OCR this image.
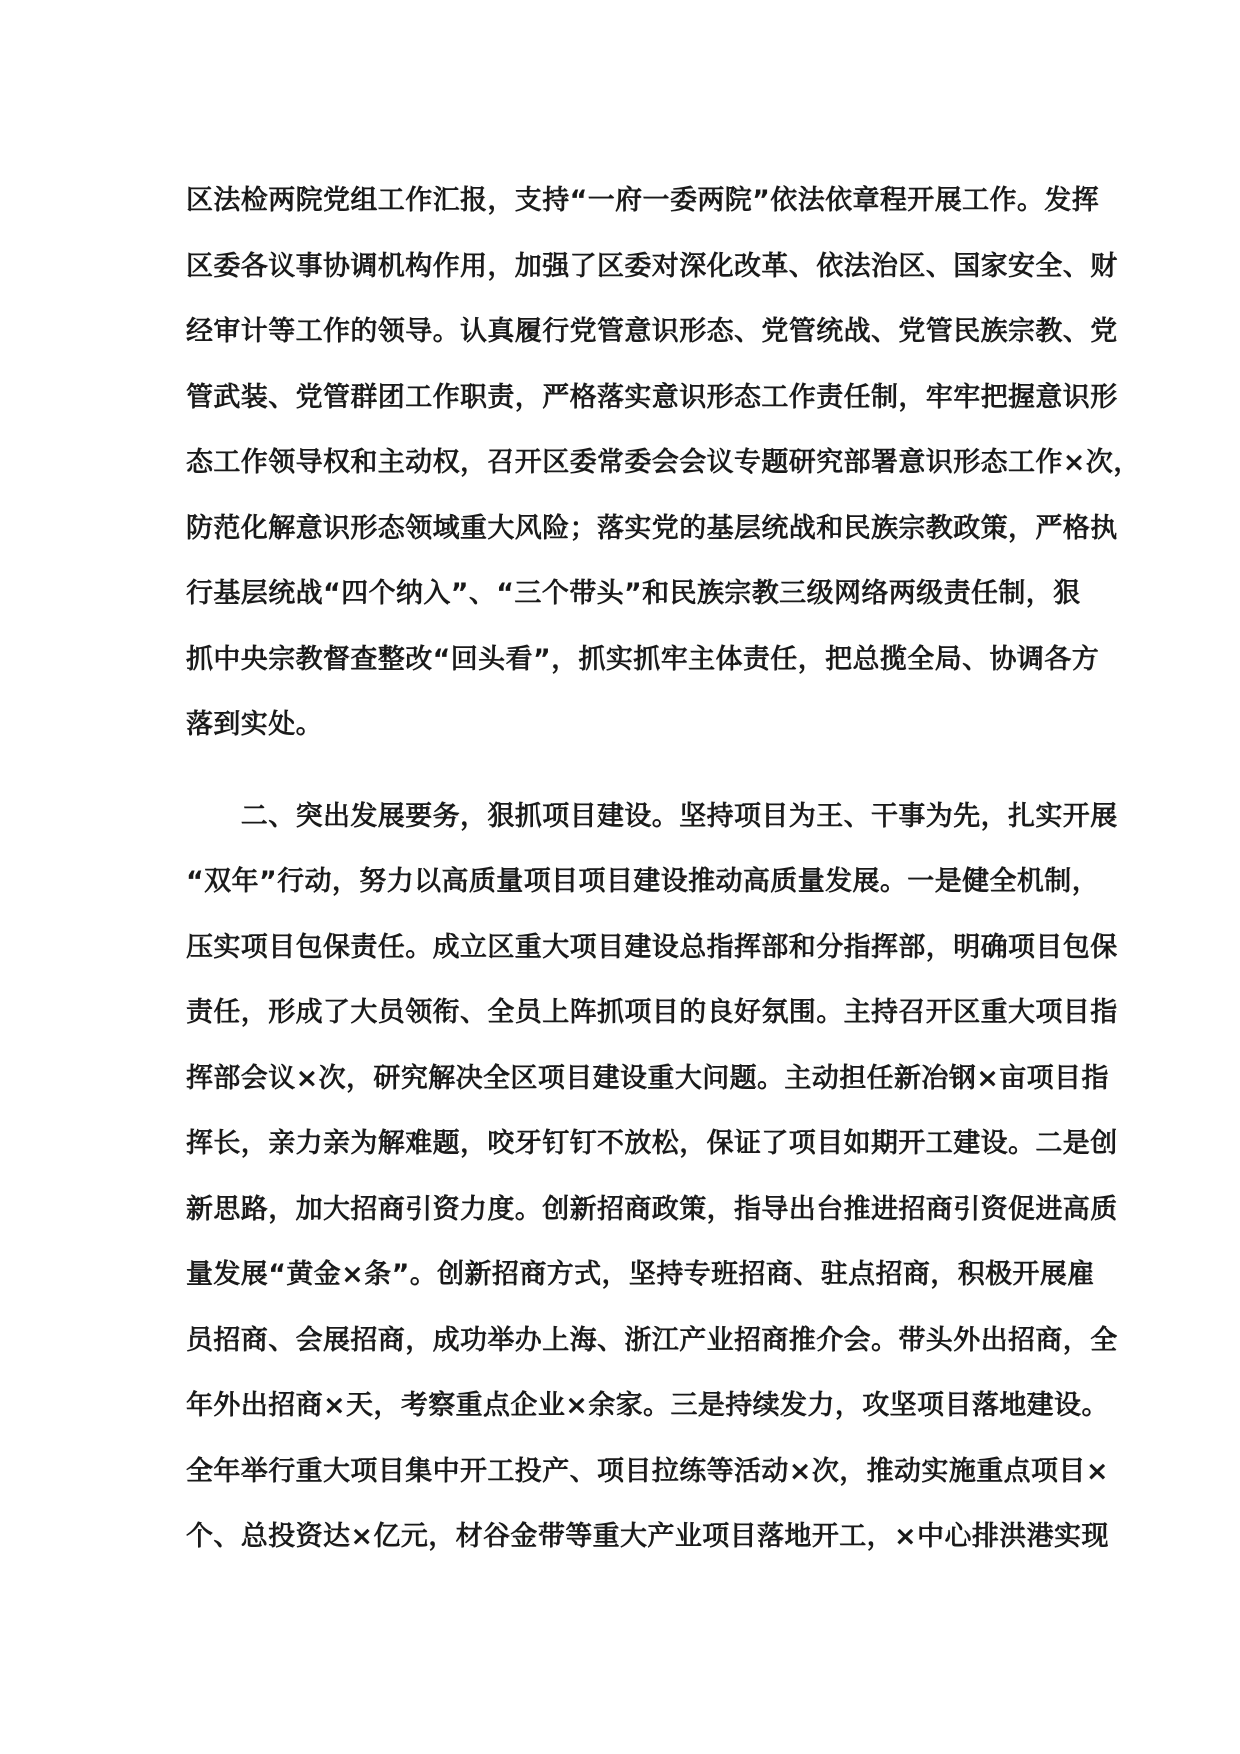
区法检两院党组工作汇报，支持“一府一委两院”依法依章程开展工作。发挥
区委各议事协调机构作用，加强了区委对深化改革、依法治区、国家安全、财
经审计等工作的领导。认真履行党管意识形态、党管统战、党管民族宗教、党
管武装、党管群团工作职责，严格落实意识形态工作责任制，牢牢把握意识形
态工作领导权和主动权，召开区委常委会会议专题研究部署意识形态工作×次，
防范化解意识形态领域重大风险；落实党的基层统战和民族宗教政策，严格执
行基层统战“四个纳入”、“三个带头”和民族宗教三级网络两级责任制，狠
抓中央宗教督查整改“回头看”，抓实抓牢主体责任，把总揽全局、协调各方
落到实处。
　　二、突出发展要务，狠抓项目建设。坚持项目为王、干事为先，扎实开展
“双年”行动，努力以高质量项目项目建设推动高质量发展。一是健全机制，
压实项目包保责任。成立区重大项目建设总指挥部和分指挥部，明确项目包保
责任，形成了大员领衔、全员上阵抓项目的良好氛围。主持召开区重大项目指
挥部会议×次，研究解决全区项目建设重大问题。主动担任新冶钢×亩项目指
挥长，亲力亲为解难题，咬牙钉钉不放松，保证了项目如期开工建设。二是创
新思路，加大招商引资力度。创新招商政策，指导出台推进招商引资促进高质
量发展“黄金×条”。创新招商方式，坚持专班招商、驻点招商，积极开展雇
员招商、会展招商，成功举办上海、浙江产业招商推介会。带头外出招商，全
年外出招商×天，考察重点企业×余家。三是持续发力，攻坚项目落地建设。
全年举行重大项目集中开工投产、项目拉练等活动×次，推动实施重点项目×
个、总投资达×亿元，材谷金带等重大产业项目落地开工，×中心排洪港实现
